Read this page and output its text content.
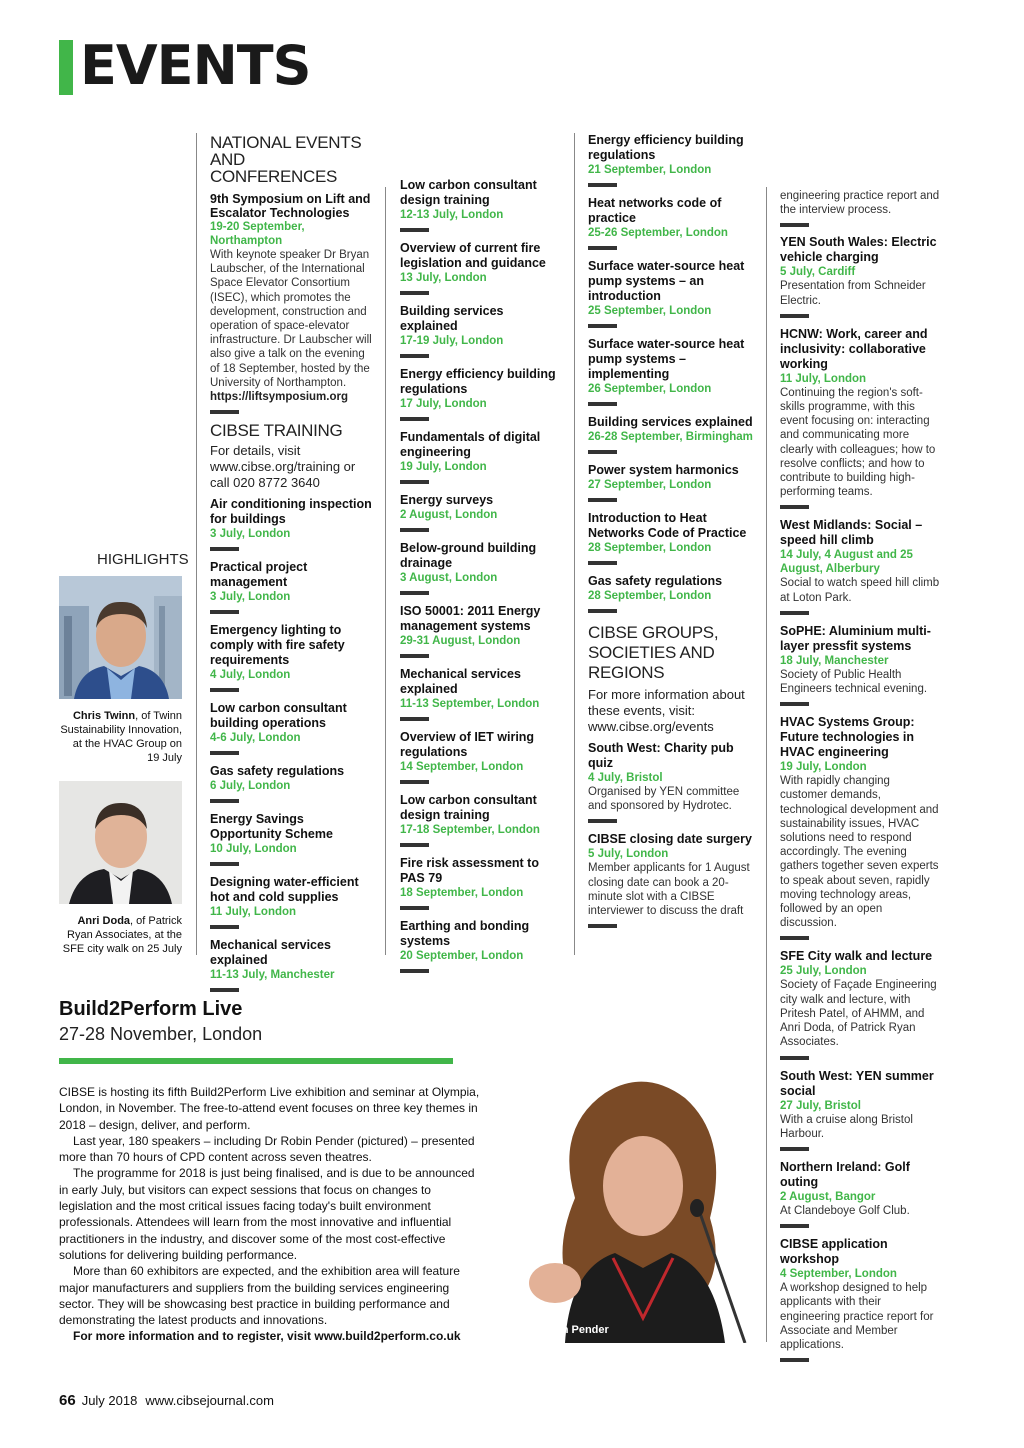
EVENTS
NATIONAL EVENTS AND CONFERENCES
9th Symposium on Lift and Escalator Technologies
19-20 September, Northampton
With keynote speaker Dr Bryan Laubscher, of the International Space Elevator Consortium (ISEC), which promotes the development, construction and operation of space-elevator infrastructure. Dr Laubscher will also give a talk on the evening of 18 September, hosted by the University of Northampton.
https://liftsymposium.org
CIBSE TRAINING
For details, visit www.cibse.org/training or call 020 8772 3640
Air conditioning inspection for buildings
3 July, London
Practical project management
3 July, London
Emergency lighting to comply with fire safety requirements
4 July, London
Low carbon consultant building operations
4-6 July, London
Gas safety regulations
6 July, London
Energy Savings Opportunity Scheme
10 July, London
Designing water-efficient hot and cold supplies
11 July, London
Mechanical services explained
11-13 July, Manchester
Low carbon consultant design training
12-13 July, London
Overview of current fire legislation and guidance
13 July, London
Building services explained
17-19 July, London
Energy efficiency building regulations
17 July, London
Fundamentals of digital engineering
19 July, London
Energy surveys
2 August, London
Below-ground building drainage
3 August, London
ISO 50001: 2011 Energy management systems
29-31 August, London
Mechanical services explained
11-13 September, London
Overview of IET wiring regulations
14 September, London
Low carbon consultant design training
17-18 September, London
Fire risk assessment to PAS 79
18 September, London
Earthing and bonding systems
20 September, London
Energy efficiency building regulations
21 September, London
Heat networks code of practice
25-26 September, London
Surface water-source heat pump systems – an introduction
25 September, London
Surface water-source heat pump systems – implementing
26 September, London
Building services explained
26-28 September, Birmingham
Power system harmonics
27 September, London
Introduction to Heat Networks Code of Practice
28 September, London
Gas safety regulations
28 September, London
CIBSE GROUPS, SOCIETIES AND REGIONS
For more information about these events, visit: www.cibse.org/events
South West: Charity pub quiz
4 July, Bristol
Organised by YEN committee and sponsored by Hydrotec.
CIBSE closing date surgery
5 July, London
Member applicants for 1 August closing date can book a 20-minute slot with a CIBSE interviewer to discuss the draft
engineering practice report and the interview process.
YEN South Wales: Electric vehicle charging
5 July, Cardiff
Presentation from Schneider Electric.
HCNW: Work, career and inclusivity: collaborative working
11 July, London
Continuing the region's soft-skills programme, with this event focusing on: interacting and communicating more clearly with colleagues; how to resolve conflicts; and how to contribute to building high-performing teams.
West Midlands: Social – speed hill climb
14 July, 4 August and 25 August, Alberbury
Social to watch speed hill climb at Loton Park.
SoPHE: Aluminium multi-layer pressfit systems
18 July, Manchester
Society of Public Health Engineers technical evening.
HVAC Systems Group: Future technologies in HVAC engineering
19 July, London
With rapidly changing customer demands, technological development and sustainability issues, HVAC solutions need to respond accordingly. The evening gathers together seven experts to speak about seven, rapidly moving technology areas, followed by an open discussion.
SFE City walk and lecture
25 July, London
Society of Façade Engineering city walk and lecture, with Pritesh Patel, of AHMM, and Anri Doda, of Patrick Ryan Associates.
South West: YEN summer social
27 July, Bristol
With a cruise along Bristol Harbour.
Northern Ireland: Golf outing
2 August, Bangor
At Clandeboye Golf Club.
CIBSE application workshop
4 September, London
A workshop designed to help applicants with their engineering practice report for Associate and Member applications.
HIGHLIGHTS
Chris Twinn, of Twinn Sustainability Innovation, at the HVAC Group on 19 July
Anri Doda, of Patrick Ryan Associates, at the SFE city walk on 25 July
Build2Perform Live
27-28 November, London

CIBSE is hosting its fifth Build2Perform Live exhibition and seminar at Olympia, London, in November. The free-to-attend event focuses on three key themes in 2018 – design, deliver, and perform.

Last year, 180 speakers – including Dr Robin Pender (pictured) – presented more than 70 hours of CPD content across seven theatres.

The programme for 2018 is just being finalised, and is due to be announced in early July, but visitors can expect sessions that focus on changes to legislation and the most critical issues facing today's built environment professionals. Attendees will learn from the most innovative and influential practitioners in the industry, and discover some of the most cost-effective solutions for delivering building performance.

More than 60 exhibitors are expected, and the exhibition area will feature major manufacturers and suppliers from the building services engineering sector. They will be showcasing best practice in building performance and demonstrating the latest products and innovations.

For more information and to register, visit www.build2perform.co.uk	Dr Robin Pender
66 July 2018 www.cibsejournal.com
